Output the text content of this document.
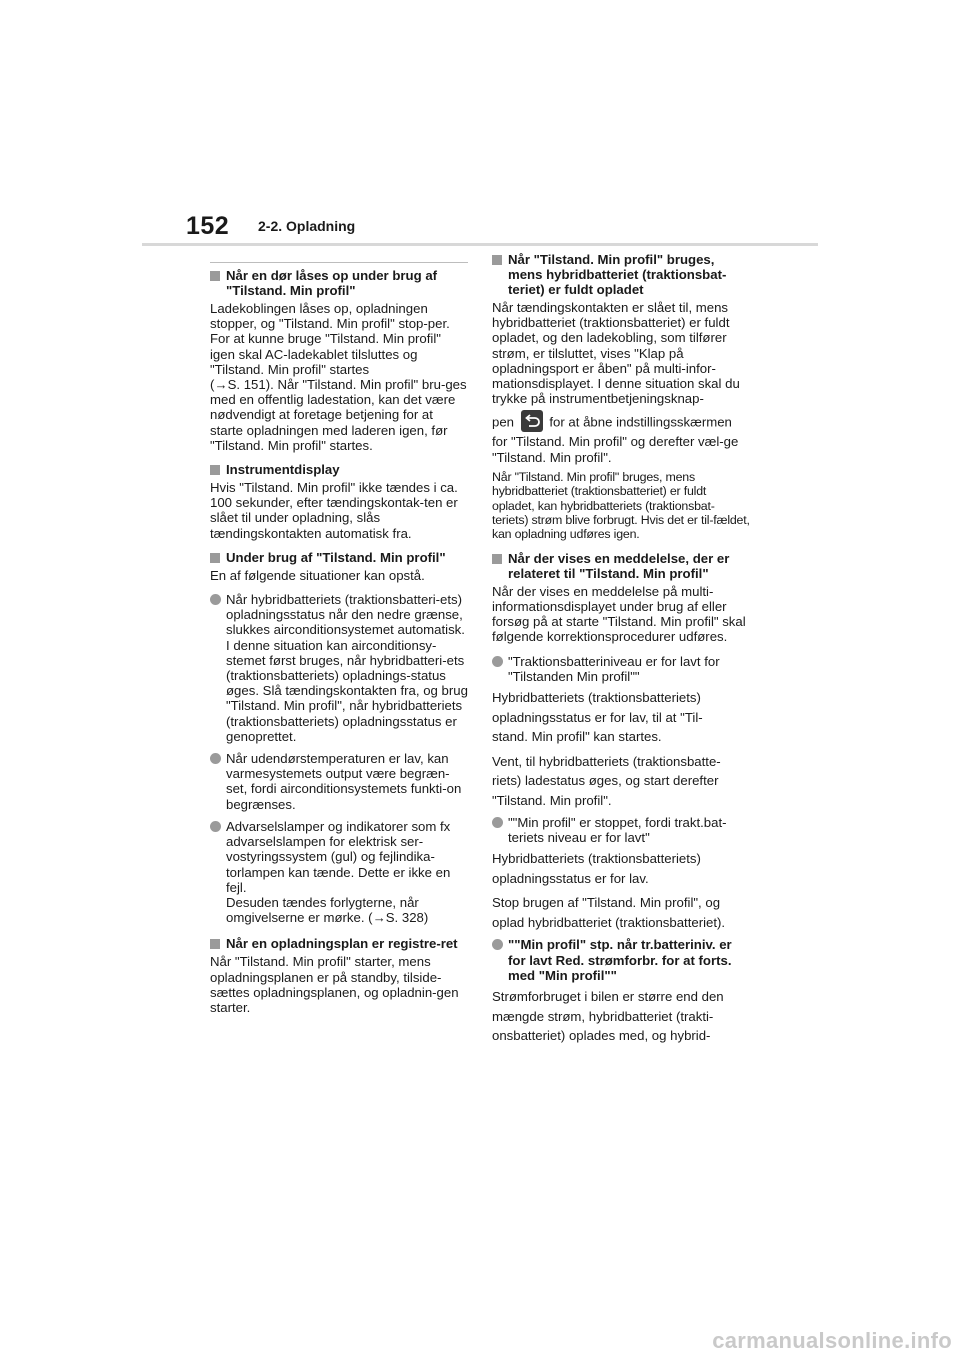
152 2-2. Opladning
Når en dør låses op under brug af "Tilstand. Min profil"
Ladekoblingen låses op, opladningen stopper, og "Tilstand. Min profil" stop-per. For at kunne bruge "Tilstand. Min profil" igen skal AC-ladekablet tilsluttes og "Tilstand. Min profil" startes
(→S. 151). Når "Tilstand. Min profil" bru-ges med en offentlig ladestation, kan det være nødvendigt at foretage betjening for at starte opladningen med laderen igen, før "Tilstand. Min profil" startes.
Instrumentdisplay
Hvis "Tilstand. Min profil" ikke tændes i ca. 100 sekunder, efter tændingskontak-ten er slået til under opladning, slås tændingskontakten automatisk fra.
Under brug af "Tilstand. Min profil"
En af følgende situationer kan opstå.
Når hybridbatteriets (traktionsbatteri-ets) opladningsstatus når den nedre grænse, slukkes airconditionsystemet automatisk.
I denne situation kan airconditionsy-stemet først bruges, når hybridbatteri-ets (traktionsbatteriets) opladnings-status øges. Slå tændingskontakten fra, og brug "Tilstand. Min profil", når hybridbatteriets (traktionsbatteriets) opladningsstatus er genoprettet.
Når udendørstemperaturen er lav, kan varmesystemets output være begræn-set, fordi airconditionsystemets funkti-on begrænses.
Advarselslamper og indikatorer som fx advarselslampen for elektrisk ser-vostyringssystem (gul) og fejlindika-torlampen kan tænde. Dette er ikke en fejl.
Desuden tændes forlygterne, når omgivelserne er mørke. (→S. 328)
Når en opladningsplan er registre-ret
Når "Tilstand. Min profil" starter, mens opladningsplanen er på standby, tilside-sættes opladningsplanen, og opladnin-gen starter.
Når "Tilstand. Min profil" bruges, mens hybridbatteriet (traktionsbat-teriet) er fuldt opladet
Når tændingskontakten er slået til, mens hybridbatteriet (traktionsbatteriet) er fuldt opladet, og den ladekobling, som tilfører strøm, er tilsluttet, vises "Klap på opladningsport er åben" på multi-infor-mationsdisplayet. I denne situation skal du trykke på instrumentbetjeningsknap-
pen	for at åbne indstillingsskærmen for "Tilstand. Min profil" og derefter væl-ge "Tilstand. Min profil".
Når "Tilstand. Min profil" bruges, mens hybridbatteriet (traktionsbatteriet) er fuldt opladet, kan hybridbatteriets (traktionsbat-teriets) strøm blive forbrugt. Hvis det er til-fældet, kan opladning udføres igen.
Når der vises en meddelelse, der er relateret til "Tilstand. Min profil"
Når der vises en meddelelse på multi-informationsdisplayet under brug af eller forsøg på at starte "Tilstand. Min profil" skal følgende korrektionsprocedurer udføres.
"Traktionsbatteriniveau er for lavt for "Tilstanden Min profil""
Hybridbatteriets (traktionsbatteriets)
opladningsstatus er for lav, til at "Til-
stand. Min profil" kan startes.
Vent, til hybridbatteriets (traktionsbatte-
riets) ladestatus øges, og start derefter
"Tilstand. Min profil".
""Min profil" er stoppet, fordi trakt.bat-teriets niveau er for lavt"
Hybridbatteriets (traktionsbatteriets)
opladningsstatus er for lav.
Stop brugen af "Tilstand. Min profil", og
oplad hybridbatteriet (traktionsbatteriet).
""Min profil" stp. når tr.batteriniv. er for lavt Red. strømforbr. for at forts. med "Min profil""
Strømforbruget i bilen er større end den
mængde strøm, hybridbatteriet (trakti-
onsbatteriet) oplades med, og hybrid-
carmanualsonline.info
